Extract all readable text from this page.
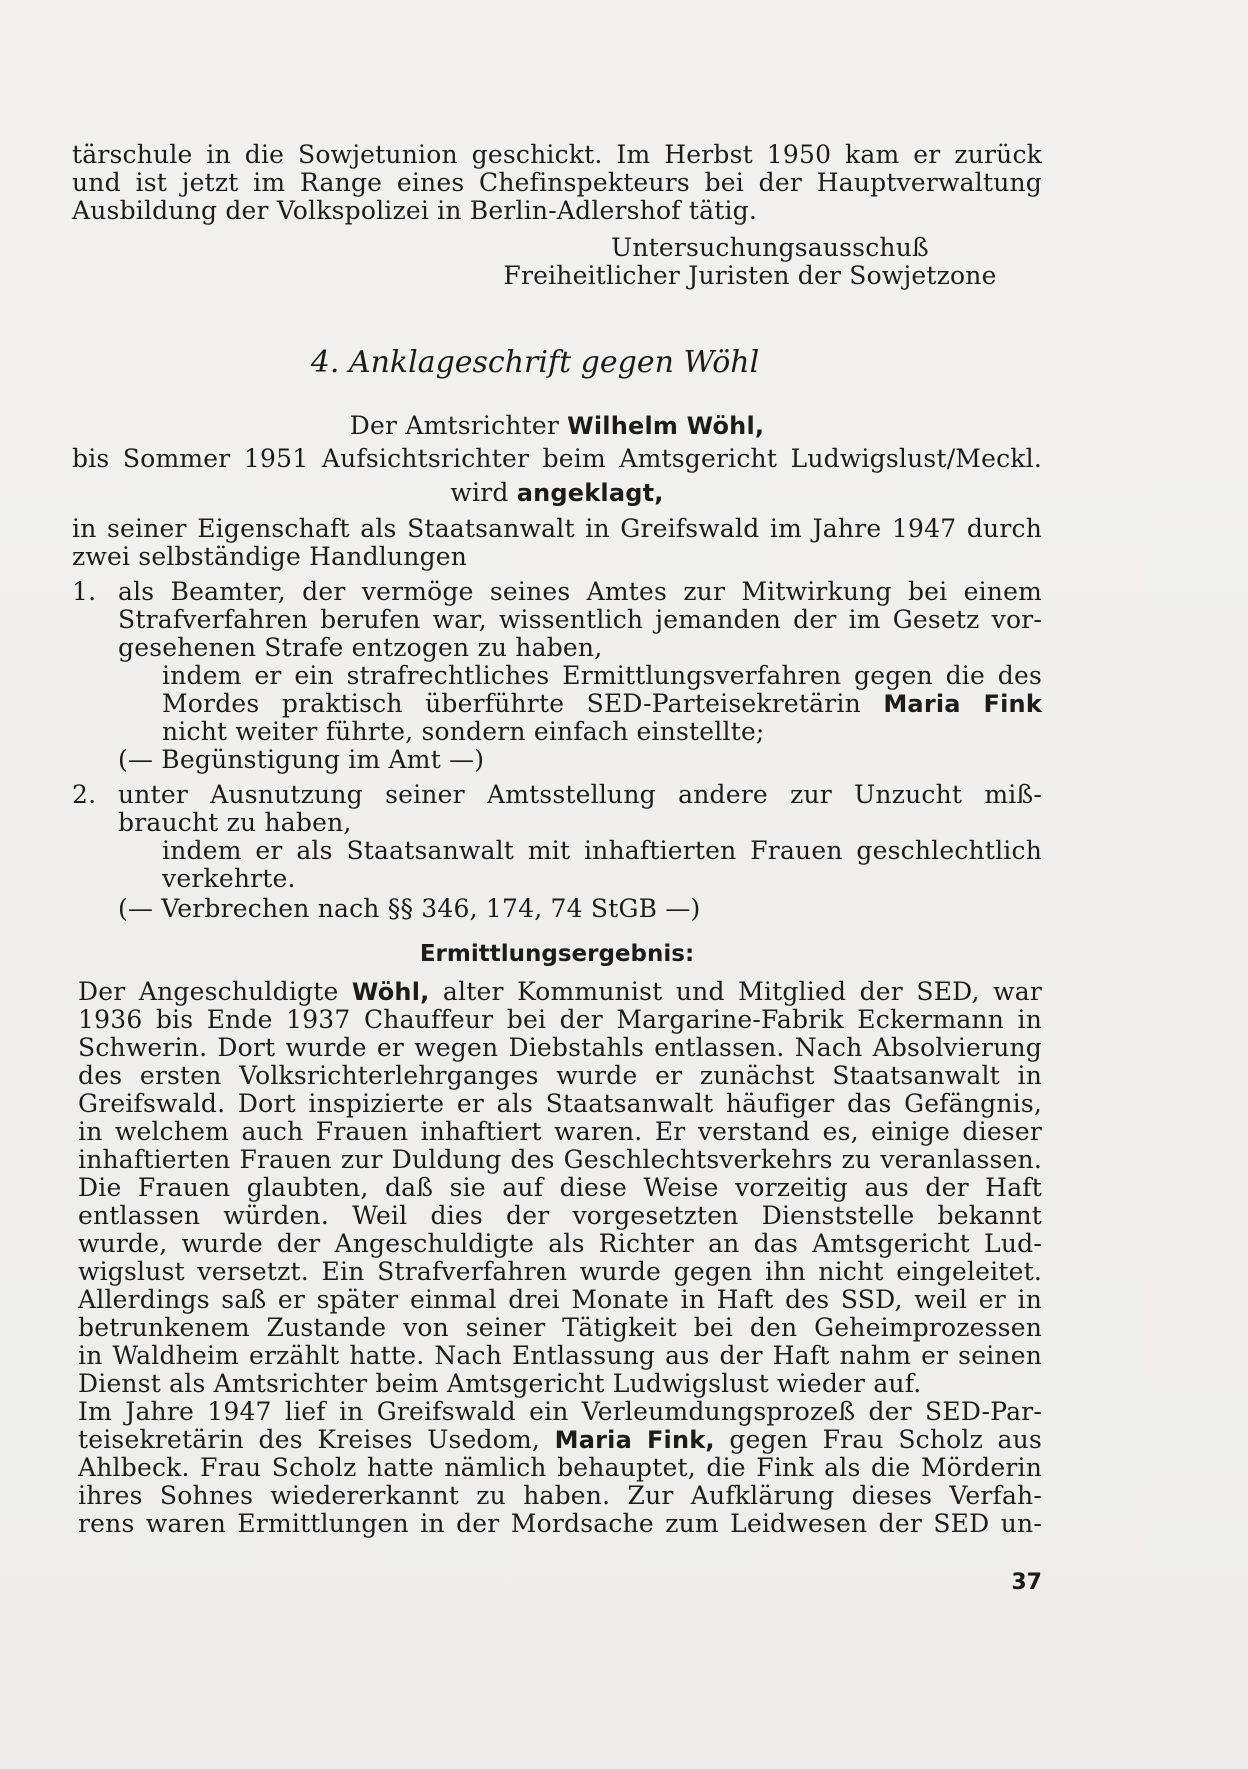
tärschule in die Sowjetunion geschickt. Im Herbst 1950 kam er zurück
und ist jetzt im Range eines Chefinspekteurs bei der Hauptverwaltung
Ausbildung der Volkspolizei in Berlin-Adlershof tätig.
Untersuchungsausschuß
Freiheitlicher Juristen der Sowjetzone
4. Anklageschrift gegen Wöhl
Der Amtsrichter Wilhelm Wöhl,
bis Sommer 1951 Aufsichtsrichter beim Amtsgericht Ludwigslust/Meckl.
wird angeklagt,
in seiner Eigenschaft als Staatsanwalt in Greifswald im Jahre 1947 durch
zwei selbständige Handlungen
1. als Beamter, der vermöge seines Amtes zur Mitwirkung bei einem
Strafverfahren berufen war, wissentlich jemanden der im Gesetz vor-
gesehenen Strafe entzogen zu haben,
indem er ein strafrechtliches Ermittlungsverfahren gegen die des
Mordes praktisch überführte SED-Parteisekretärin Maria Fink
nicht weiter führte, sondern einfach einstellte;
(— Begünstigung im Amt —)
2. unter Ausnutzung seiner Amtsstellung andere zur Unzucht miß-
braucht zu haben,
indem er als Staatsanwalt mit inhaftierten Frauen geschlechtlich
verkehrte.
(— Verbrechen nach §§ 346, 174, 74 StGB —)
Ermittlungsergebnis:
Der Angeschuldigte Wöhl, alter Kommunist und Mitglied der SED, war
1936 bis Ende 1937 Chauffeur bei der Margarine-Fabrik Eckermann in
Schwerin. Dort wurde er wegen Diebstahls entlassen. Nach Absolvierung
des ersten Volksrichterlehrganges wurde er zunächst Staatsanwalt in
Greifswald. Dort inspizierte er als Staatsanwalt häufiger das Gefängnis,
in welchem auch Frauen inhaftiert waren. Er verstand es, einige dieser
inhaftierten Frauen zur Duldung des Geschlechtsverkehrs zu veranlassen.
Die Frauen glaubten, daß sie auf diese Weise vorzeitig aus der Haft
entlassen würden. Weil dies der vorgesetzten Dienststelle bekannt
wurde, wurde der Angeschuldigte als Richter an das Amtsgericht Lud-
wigslust versetzt. Ein Strafverfahren wurde gegen ihn nicht eingeleitet.
Allerdings saß er später einmal drei Monate in Haft des SSD, weil er in
betrunkenem Zustande von seiner Tätigkeit bei den Geheimprozessen
in Waldheim erzählt hatte. Nach Entlassung aus der Haft nahm er seinen
Dienst als Amtsrichter beim Amtsgericht Ludwigslust wieder auf.
Im Jahre 1947 lief in Greifswald ein Verleumdungsprozeß der SED-Par-
teisekretärin des Kreises Usedom, Maria Fink, gegen Frau Scholz aus
Ahlbeck. Frau Scholz hatte nämlich behauptet, die Fink als die Mörderin
ihres Sohnes wiedererkannt zu haben. Zur Aufklärung dieses Verfah-
rens waren Ermittlungen in der Mordsache zum Leidwesen der SED un-
37
